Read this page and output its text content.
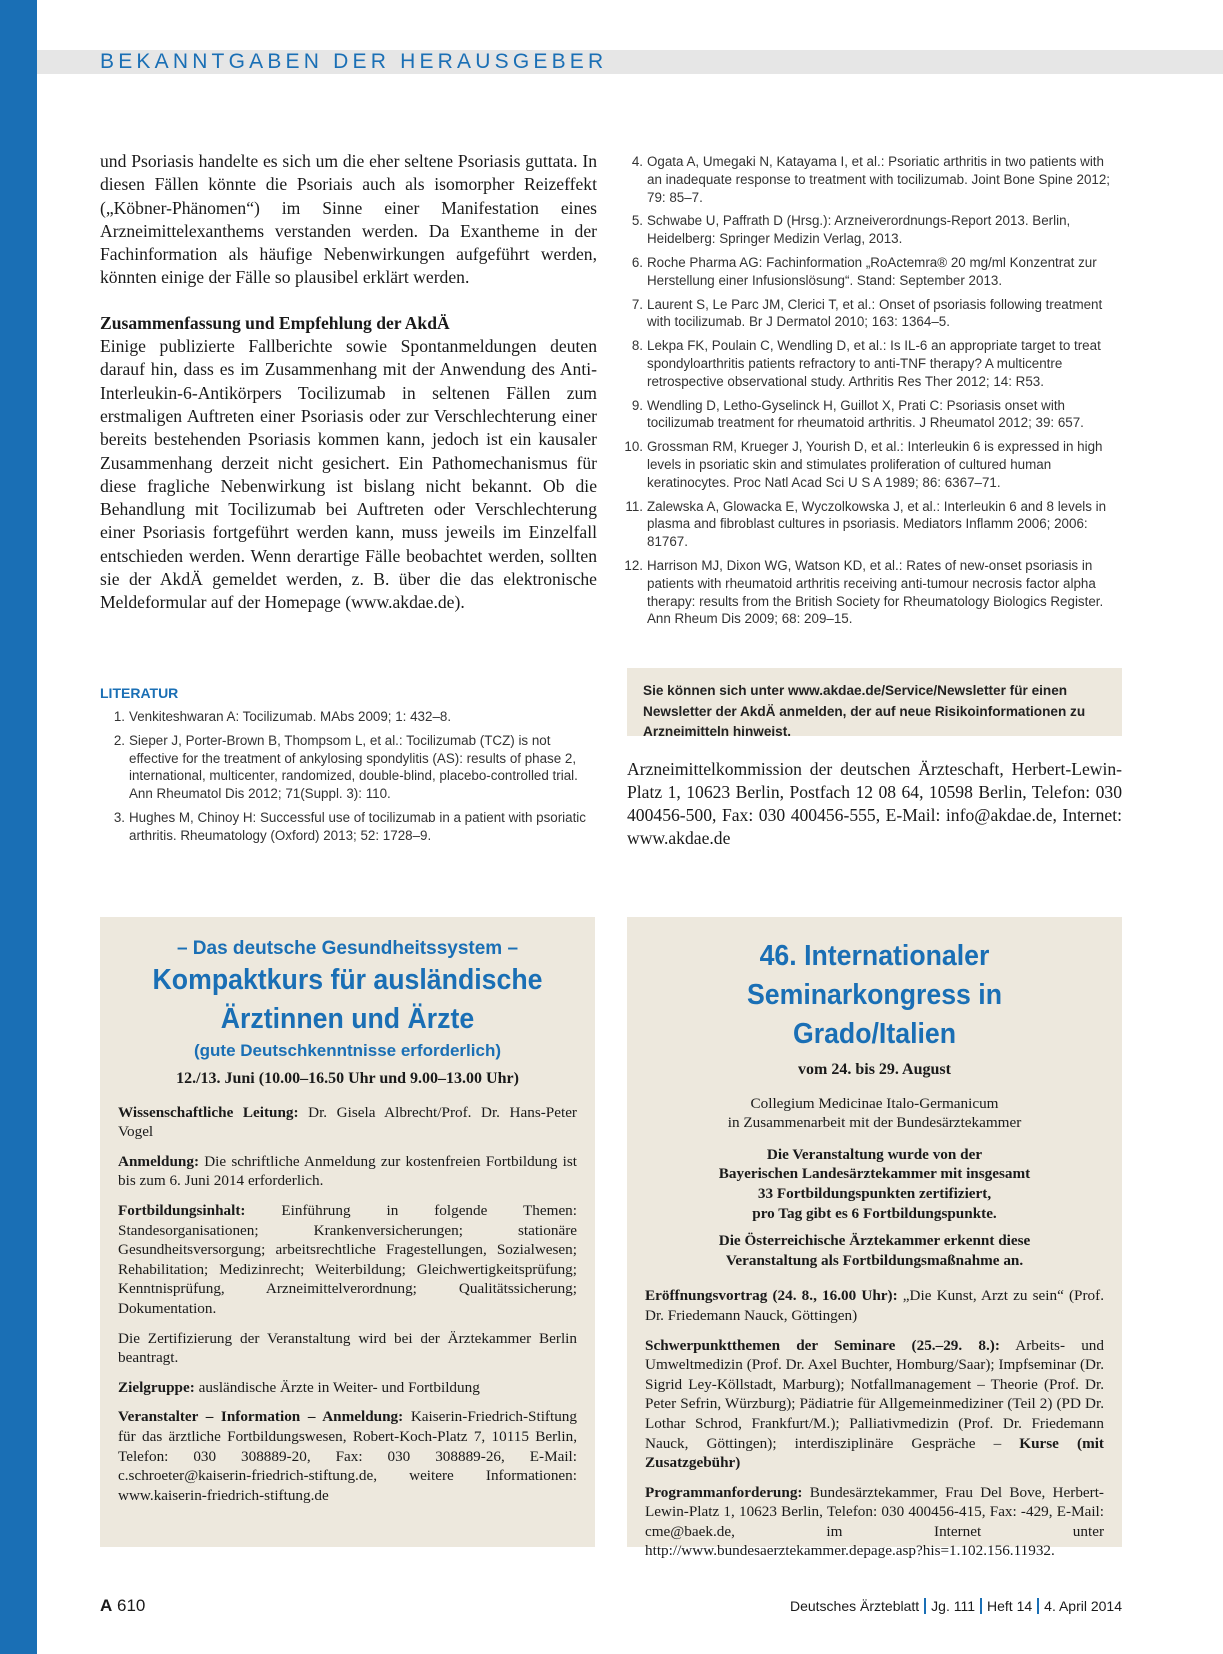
BEKANNTGABEN DER HERAUSGEBER

und Psoriasis handelte es sich um die eher seltene Psoriasis guttata. In diesen Fällen könnte die Psoriais auch als isomorpher Reizeffekt („Köbner-Phänomen“) im Sinne einer Manifestation eines Arzneimittelexanthems verstanden werden. Da Exantheme in der Fachinformation als häufige Nebenwirkungen aufgeführt werden, könnten einige der Fälle so plausibel erklärt werden.

Zusammenfassung und Empfehlung der AkdÄ

Einige publizierte Fallberichte sowie Spontanmeldungen deuten darauf hin, dass es im Zusammenhang mit der Anwendung des Anti-Interleukin-6-Antikörpers Tocilizumab in seltenen Fällen zum erstmaligen Auftreten einer Psoriasis oder zur Verschlechterung einer bereits bestehenden Psoriasis kommen kann, jedoch ist ein kausaler Zusammenhang derzeit nicht gesichert. Ein Pathomechanismus für diese fragliche Nebenwirkung ist bislang nicht bekannt. Ob die Behandlung mit Tocilizumab bei Auftreten oder Verschlechterung einer Psoriasis fortgeführt werden kann, muss jeweils im Einzelfall entschieden werden. Wenn derartige Fälle beobachtet werden, sollten sie der AkdÄ gemeldet werden, z. B. über die das elektronische Meldeformular auf der Homepage (www.akdae.de).

LITERATUR
1. Venkiteshwaran A: Tocilizumab. MAbs 2009; 1: 432–8.
2. Sieper J, Porter-Brown B, Thompsom L, et al.: Tocilizumab (TCZ) is not effective for the treatment of ankylosing spondylitis (AS): results of phase 2, international, multicenter, randomized, double-blind, placebo-controlled trial. Ann Rheumatol Dis 2012; 71(Suppl. 3): 110.
3. Hughes M, Chinoy H: Successful use of tocilizumab in a patient with psoriatic arthritis. Rheumatology (Oxford) 2013; 52: 1728–9.
4. Ogata A, Umegaki N, Katayama I, et al.: Psoriatic arthritis in two patients with an inadequate response to treatment with tocilizumab. Joint Bone Spine 2012; 79: 85–7.
5. Schwabe U, Paffrath D (Hrsg.): Arzneiverordnungs-Report 2013. Berlin, Heidelberg: Springer Medizin Verlag, 2013.
6. Roche Pharma AG: Fachinformation „RoActemra® 20 mg/ml Konzentrat zur Herstellung einer Infusionslösung“. Stand: September 2013.
7. Laurent S, Le Parc JM, Clerici T, et al.: Onset of psoriasis following treatment with tocilizumab. Br J Dermatol 2010; 163: 1364–5.
8. Lekpa FK, Poulain C, Wendling D, et al.: Is IL-6 an appropriate target to treat spondyloarthritis patients refractory to anti-TNF therapy? A multicentre retrospective observational study. Arthritis Res Ther 2012; 14: R53.
9. Wendling D, Letho-Gyselinck H, Guillot X, Prati C: Psoriasis onset with tocilizumab treatment for rheumatoid arthritis. J Rheumatol 2012; 39: 657.
10. Grossman RM, Krueger J, Yourish D, et al.: Interleukin 6 is expressed in high levels in psoriatic skin and stimulates proliferation of cultured human keratinocytes. Proc Natl Acad Sci U S A 1989; 86: 6367–71.
11. Zalewska A, Glowacka E, Wyczolkowska J, et al.: Interleukin 6 and 8 levels in plasma and fibroblast cultures in psoriasis. Mediators Inflamm 2006; 2006: 81767.
12. Harrison MJ, Dixon WG, Watson KD, et al.: Rates of new-onset psoriasis in patients with rheumatoid arthritis receiving anti-tumour necrosis factor alpha therapy: results from the British Society for Rheumatology Biologics Register. Ann Rheum Dis 2009; 68: 209–15.
Sie können sich unter www.akdae.de/Service/Newsletter für einen Newsletter der AkdÄ anmelden, der auf neue Risikoinformationen zu Arzneimitteln hinweist.
Arzneimittelkommission der deutschen Ärzteschaft, Herbert-Lewin-Platz 1, 10623 Berlin, Postfach 12 08 64, 10598 Berlin, Telefon: 030 400456-500, Fax: 030 400456-555, E-Mail: info@akdae.de, Internet: www.akdae.de
– Das deutsche Gesundheitssystem –
Kompaktkurs für ausländische
Ärztinnen und Ärzte
(gute Deutschkenntnisse erforderlich)
12./13. Juni (10.00–16.50 Uhr und 9.00–13.00 Uhr)

Wissenschaftliche Leitung: Dr. Gisela Albrecht/Prof. Dr. Hans-Peter Vogel

Anmeldung: Die schriftliche Anmeldung zur kostenfreien Fortbildung ist bis zum 6. Juni 2014 erforderlich.

Fortbildungsinhalt: Einführung in folgende Themen: Standesorganisationen; Krankenversicherungen; stationäre Gesundheitsversorgung; arbeitsrechtliche Fragestellungen, Sozialwesen; Rehabilitation; Medizinrecht; Weiterbildung; Gleichwertigkeitsprüfung; Kenntnisprüfung, Arzneimittelverordnung; Qualitätssicherung; Dokumentation.

Die Zertifizierung der Veranstaltung wird bei der Ärztekammer Berlin beantragt.

Zielgruppe: ausländische Ärzte in Weiter- und Fortbildung

Veranstalter – Information – Anmeldung: Kaiserin-Friedrich-Stiftung für das ärztliche Fortbildungswesen, Robert-Koch-Platz 7, 10115 Berlin, Telefon: 030 308889-20, Fax: 030 308889-26, E-Mail: c.schroeter@kaiserin-friedrich-stiftung.de, weitere Informationen: www.kaiserin-friedrich-stiftung.de

46. Internationaler
Seminarkongress in Grado/Italien
vom 24. bis 29. August
Collegium Medicinae Italo-Germanicum
in Zusammenarbeit mit der Bundesärztekammer
Die Veranstaltung wurde von der
Bayerischen Landesärztekammer mit insgesamt
33 Fortbildungspunkten zertifiziert,
pro Tag gibt es 6 Fortbildungspunkte.
Die Österreichische Ärztekammer erkennt diese
Veranstaltung als Fortbildungsmaßnahme an.

Eröffnungsvortrag (24. 8., 16.00 Uhr): „Die Kunst, Arzt zu sein“ (Prof. Dr. Friedemann Nauck, Göttingen)

Schwerpunktthemen der Seminare (25.–29. 8.): Arbeits- und Umweltmedizin (Prof. Dr. Axel Buchter, Homburg/Saar); Impfseminar (Dr. Sigrid Ley-Köllstadt, Marburg); Notfallmanagement – Theorie (Prof. Dr. Peter Sefrin, Würzburg); Pädiatrie für Allgemeinmediziner (Teil 2) (PD Dr. Lothar Schrod, Frankfurt/M.); Palliativmedizin (Prof. Dr. Friedemann Nauck, Göttingen); interdisziplinäre Gespräche – Kurse (mit Zusatzgebühr)

Programmanforderung: Bundesärztekammer, Frau Del Bove, Herbert-Lewin-Platz 1, 10623 Berlin, Telefon: 030 400456-415, Fax: -429, E-Mail: cme@baek.de, im Internet unter http://www.bundesaerztekammer.depage.asp?his=1.102.156.11932.

A 610	Deutsches Ärzteblatt Jg. 111 Heft 14 4. April 2014
